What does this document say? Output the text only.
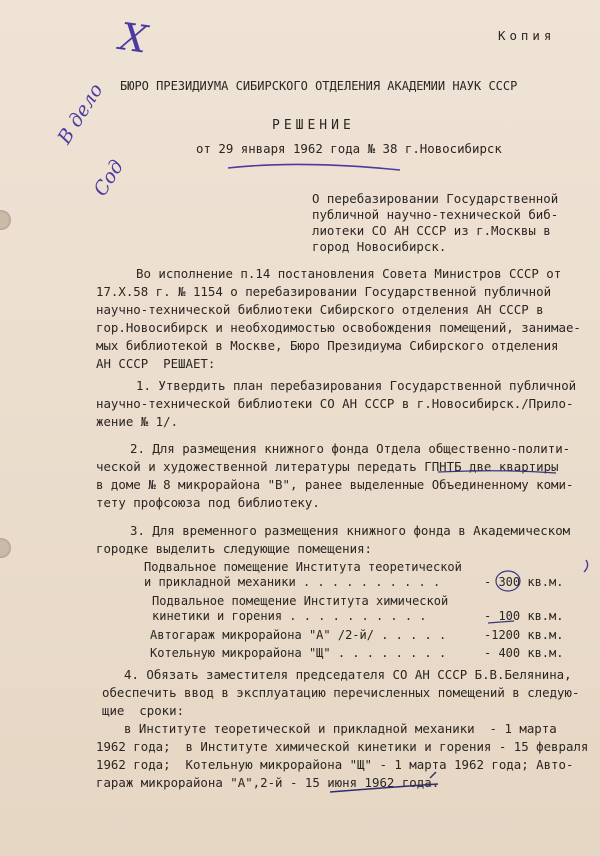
X
В дело
Сод
Копия
БЮРО ПРЕЗИДИУМА СИБИРСКОГО ОТДЕЛЕНИЯ АКАДЕМИИ НАУК СССР
РЕШЕНИЕ
от 29 января 1962 года № 38 г.Новосибирск
О перебазировании Государственной
публичной научно-технической биб-
лиотеки СО АН СССР из г.Москвы в
город Новосибирск.
Во исполнение п.14 постановления Совета Министров СССР от
17.X.58 г. № 1154 о перебазировании Государственной публичной
научно-технической библиотеки Сибирского отделения АН СССР в
гор.Новосибирск и необходимостью освобождения помещений, занимае-
мых библиотекой в Москве, Бюро Президиума Сибирского отделения
АН СССР  РЕШАЕТ:
1. Утвердить план перебазирования Государственной публичной
научно-технической библиотеки СО АН СССР в г.Новосибирск./Прило-
жение № 1/.
2. Для размещения книжного фонда Отдела общественно-полити-
ческой и художественной литературы передать ГПНТБ две квартиры
в доме № 8 микрорайона "В", ранее выделенные Объединенному коми-
тету профсоюза под библиотеку.
3. Для временного размещения книжного фонда в Академическом
городке выделить следующие помещения:
Подвальное помещение Института теоретической
и прикладной механики . . . . . . . . . .	- 300 кв.м.
Подвальное помещение Института химической
кинетики и горения . . . . . . . . . .	- 100 кв.м.
Автогараж микрорайона "А" /2-й/ . . . . .	-1200 кв.м.
Котельную микрорайона "Щ" . . . . . . . .	- 400 кв.м.
4. Обязать заместителя председателя СО АН СССР Б.В.Белянина,
обеспечить ввод в эксплуатацию перечисленных помещений в следую-
щие  сроки:
в Институте теоретической и прикладной механики  - 1 марта
1962 года;  в Институте химической кинетики и горения - 15 февраля
1962 года;  Котельную микрорайона "Щ" - 1 марта 1962 года; Авто-
гараж микрорайона "А",2-й - 15 июня 1962 года.
